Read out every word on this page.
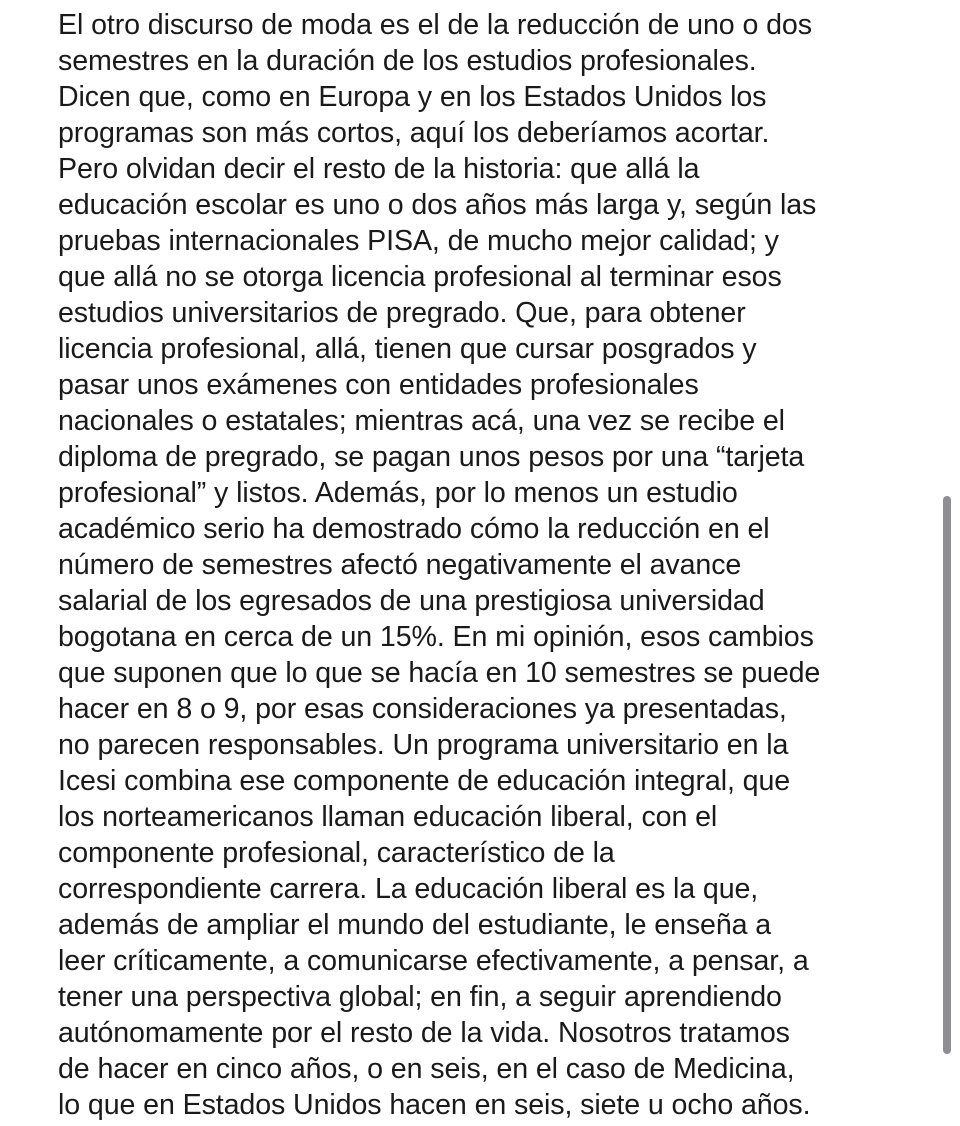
El otro discurso de moda es el de la reducción de uno o dos
semestres en la duración de los estudios profesionales.
Dicen que, como en Europa y en los Estados Unidos los
programas son más cortos, aquí los deberíamos acortar.
Pero olvidan decir el resto de la historia: que allá la
educación escolar es uno o dos años más larga y, según las
pruebas internacionales PISA, de mucho mejor calidad; y
que allá no se otorga licencia profesional al terminar esos
estudios universitarios de pregrado. Que, para obtener
licencia profesional, allá, tienen que cursar posgrados y
pasar unos exámenes con entidades profesionales
nacionales o estatales; mientras acá, una vez se recibe el
diploma de pregrado, se pagan unos pesos por una “tarjeta
profesional” y listos. Además, por lo menos un estudio
académico serio ha demostrado cómo la reducción en el
número de semestres afectó negativamente el avance
salarial de los egresados de una prestigiosa universidad
bogotana en cerca de un 15%. En mi opinión, esos cambios
que suponen que lo que se hacía en 10 semestres se puede
hacer en 8 o 9, por esas consideraciones ya presentadas,
no parecen responsables. Un programa universitario en la
Icesi combina ese componente de educación integral, que
los norteamericanos llaman educación liberal, con el
componente profesional, característico de la
correspondiente carrera. La educación liberal es la que,
además de ampliar el mundo del estudiante, le enseña a
leer críticamente, a comunicarse efectivamente, a pensar, a
tener una perspectiva global; en fin, a seguir aprendiendo
autónomamente por el resto de la vida. Nosotros tratamos
de hacer en cinco años, o en seis, en el caso de Medicina,
lo que en Estados Unidos hacen en seis, siete u ocho años.
